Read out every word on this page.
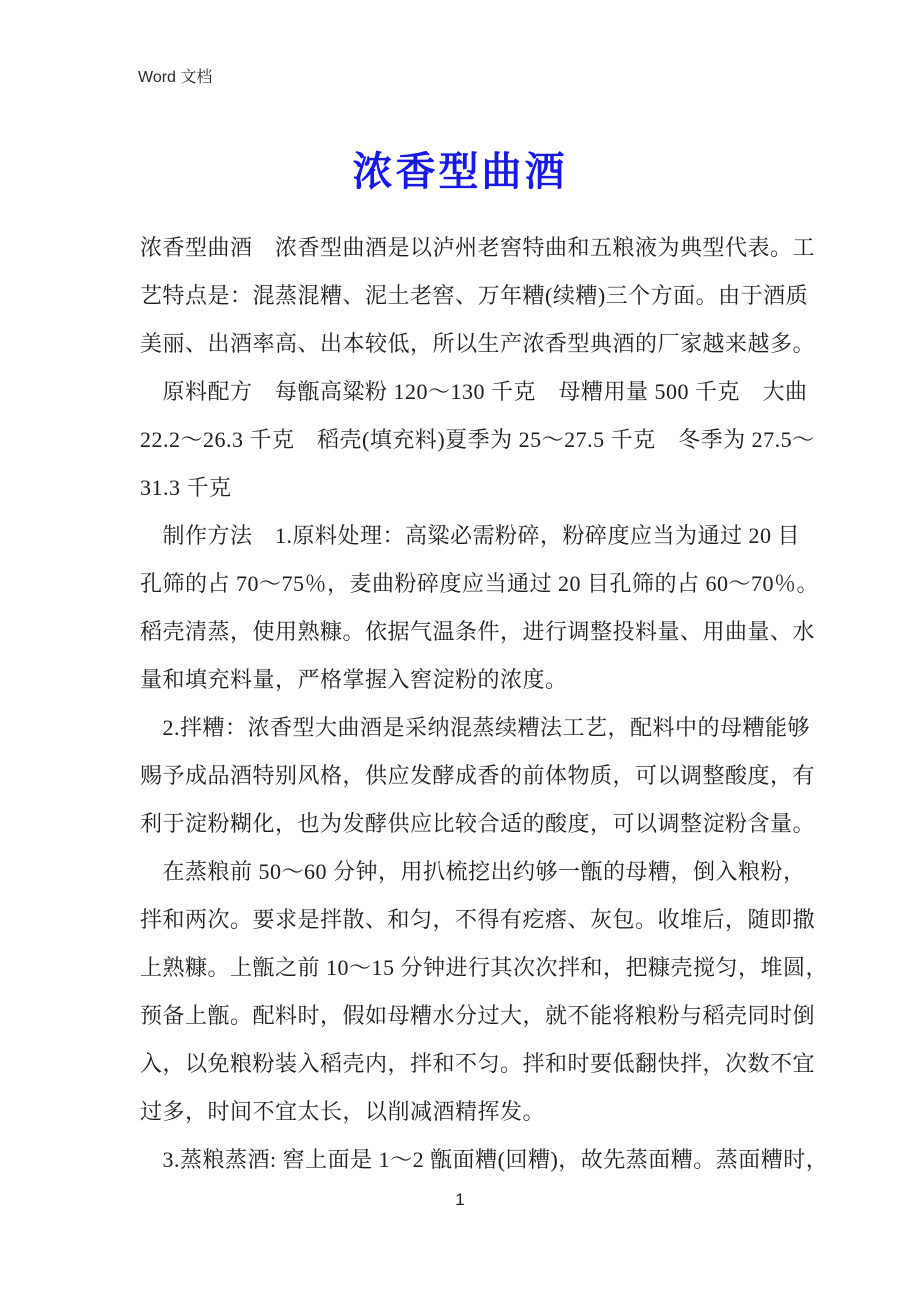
Word 文档
浓香型曲酒
浓香型曲酒　浓香型曲酒是以泸州老窖特曲和五粮液为典型代表。工
艺特点是：混蒸混糟、泥土老窖、万年糟(续糟)三个方面。由于酒质
美丽、出酒率高、出本较低，所以生产浓香型典酒的厂家越来越多。
　原料配方　每甑高粱粉 120～130 千克　母糟用量 500 千克　大曲
22.2～26.3 千克　稻壳(填充料)夏季为 25～27.5 千克　冬季为 27.5～
31.3 千克
　制作方法　1.原料处理：高粱必需粉碎，粉碎度应当为通过 20 目
孔筛的占 70～75％，麦曲粉碎度应当通过 20 目孔筛的占 60～70％。
稻壳清蒸，使用熟糠。依据气温条件，进行调整投料量、用曲量、水
量和填充料量，严格掌握入窖淀粉的浓度。
　2.拌糟：浓香型大曲酒是采纳混蒸续糟法工艺，配料中的母糟能够
赐予成品酒特别风格，供应发酵成香的前体物质，可以调整酸度，有
利于淀粉糊化，也为发酵供应比较合适的酸度，可以调整淀粉含量。
　在蒸粮前 50～60 分钟，用扒梳挖出约够一甑的母糟，倒入粮粉，
拌和两次。要求是拌散、和匀，不得有疙瘩、灰包。收堆后，随即撒
上熟糠。上甑之前 10～15 分钟进行其次次拌和，把糠壳搅匀，堆圆，
预备上甑。配料时，假如母糟水分过大，就不能将粮粉与稻壳同时倒
入，以免粮粉装入稻壳内，拌和不匀。拌和时要低翻快拌，次数不宜
过多，时间不宜太长，以削减酒精挥发。
　3.蒸粮蒸酒: 窖上面是 1～2 甑面糟(回糟)，故先蒸面糟。蒸面糟时，
1
